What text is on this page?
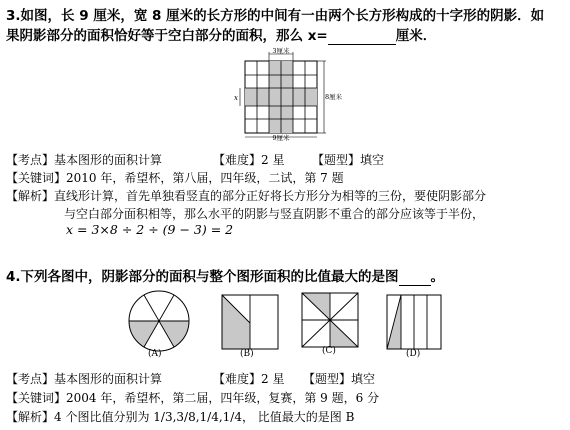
3.如图，长 9 厘米，宽 8 厘米的长方形的中间有一由两个长方形构成的十字形的阴影．如
果阴影部分的面积恰好等于空白部分的面积，那么 x=	厘米．
3厘米
8厘米
x
9厘米
【考点】基本图形的面积计算	【难度】2 星 【题型】填空
【关键词】2010 年，希望杯，第八届，四年级，二试，第 7 题
【解析】直线形计算，首先单独看竖直的部分正好将长方形分为相等的三份，要使阴影部分
与空白部分面积相等，那么水平的阴影与竖直阴影不重合的部分应该等于半份，
x = 3×8 ÷ 2 ÷ (9 − 3) = 2
4.下列各图中，阴影部分的面积与整个图形面积的比值最大的是图 。
(A)	(B)	(C)	(D)
【考点】基本图形的面积计算	【难度】2 星 【题型】填空
【关键词】2004 年，希望杯，第二届，四年级，复赛，第 9 题，6 分
【解析】4 个图比值分别为 1/3,3/8,1/4,1/4， 比值最大的是图 B
